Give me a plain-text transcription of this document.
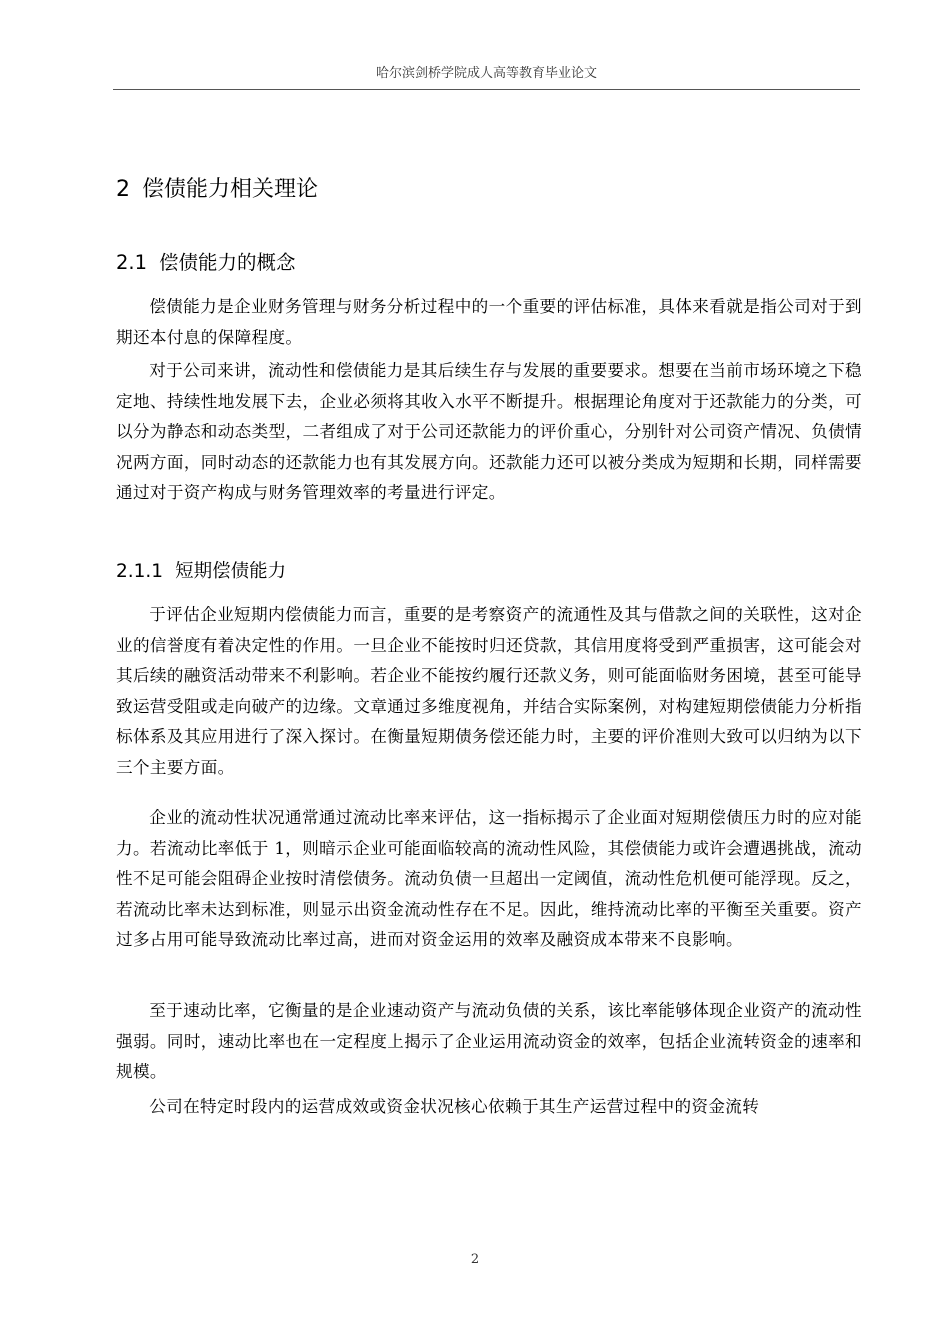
哈尔滨剑桥学院成人高等教育毕业论文
2 偿债能力相关理论
2.1 偿债能力的概念

偿债能力是企业财务管理与财务分析过程中的一个重要的评估标准，具体来看就是指公司对于到期还本付息的保障程度。

对于公司来讲，流动性和偿债能力是其后续生存与发展的重要要求。想要在当前市场环境之下稳定地、持续性地发展下去，企业必须将其收入水平不断提升。根据理论角度对于还款能力的分类，可以分为静态和动态类型，二者组成了对于公司还款能力的评价重心，分别针对公司资产情况、负债情况两方面，同时动态的还款能力也有其发展方向。还款能力还可以被分类成为短期和长期，同样需要通过对于资产构成与财务管理效率的考量进行评定。

2.1.1 短期偿债能力

于评估企业短期内偿债能力而言，重要的是考察资产的流通性及其与借款之间的关联性，这对企业的信誉度有着决定性的作用。一旦企业不能按时归还贷款，其信用度将受到严重损害，这可能会对其后续的融资活动带来不利影响。若企业不能按约履行还款义务，则可能面临财务困境，甚至可能导致运营受阻或走向破产的边缘。文章通过多维度视角，并结合实际案例，对构建短期偿债能力分析指标体系及其应用进行了深入探讨。在衡量短期债务偿还能力时，主要的评价准则大致可以归纳为以下三个主要方面。

企业的流动性状况通常通过流动比率来评估，这一指标揭示了企业面对短期偿债压力时的应对能力。若流动比率低于 1，则暗示企业可能面临较高的流动性风险，其偿债能力或许会遭遇挑战，流动性不足可能会阻碍企业按时清偿债务。流动负债一旦超出一定阈值，流动性危机便可能浮现。反之，若流动比率未达到标准，则显示出资金流动性存在不足。因此，维持流动比率的平衡至关重要。资产过多占用可能导致流动比率过高，进而对资金运用的效率及融资成本带来不良影响。

至于速动比率，它衡量的是企业速动资产与流动负债的关系，该比率能够体现企业资产的流动性强弱。同时，速动比率也在一定程度上揭示了企业运用流动资金的效率，包括企业流转资金的速率和规模。

公司在特定时段内的运营成效或资金状况核心依赖于其生产运营过程中的资金流转

2
